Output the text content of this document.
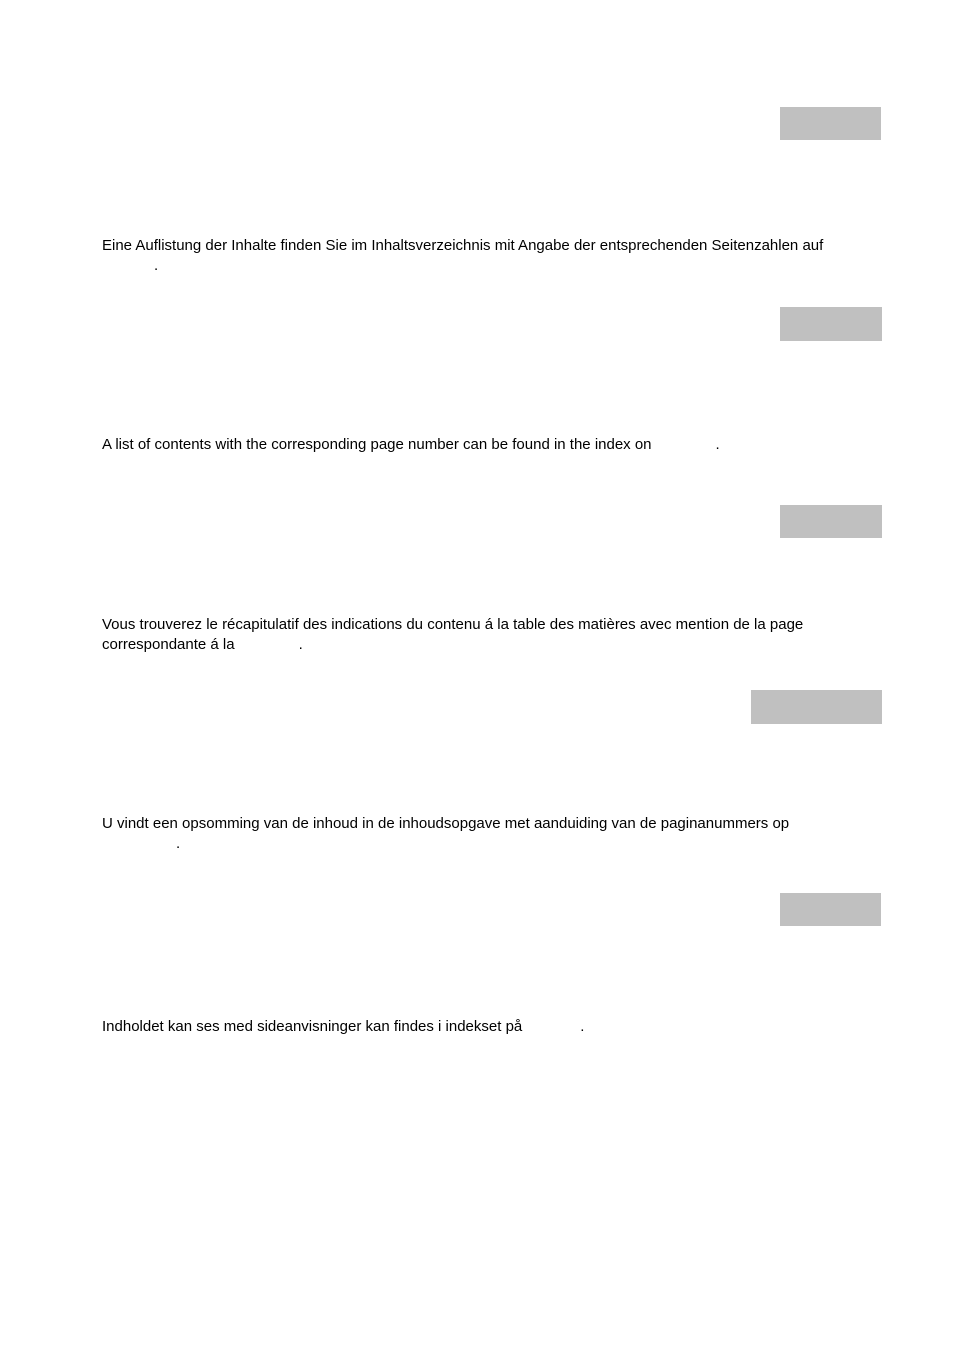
Eine Auflistung der Inhalte finden Sie im Inhaltsverzeichnis mit Angabe der entsprechenden Seitenzahlen auf
.

A list of contents with the corresponding page number can be found in the index on	.

Vous trouverez le récapitulatif des indications du contenu á la table des matières avec mention de la page
correspondante á la	.

U vindt een opsomming van de inhoud in de inhoudsopgave met aanduiding van de paginanummers op
.

Indholdet kan ses med sideanvisninger kan findes i indekset på	.
